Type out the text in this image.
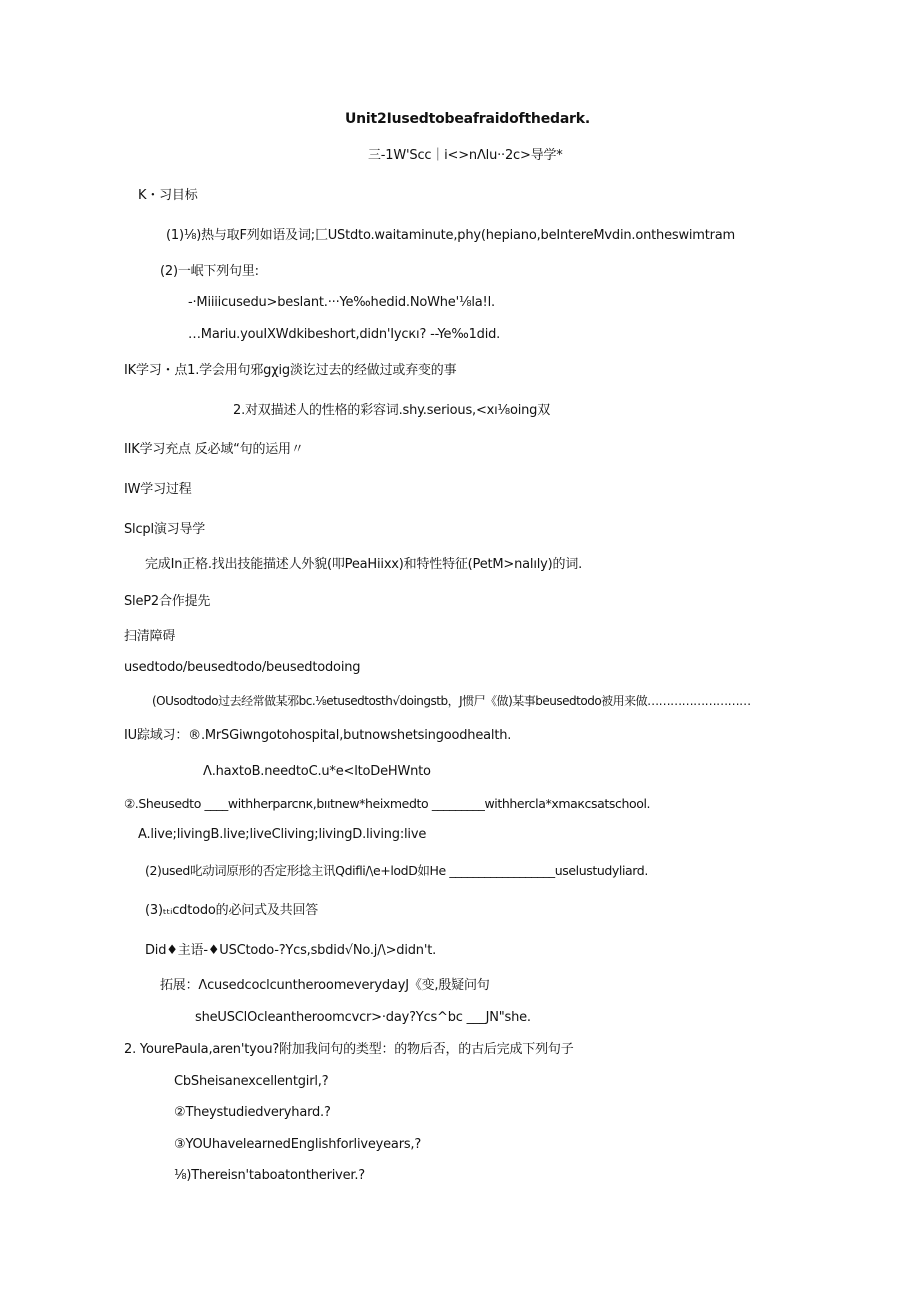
Unit2Iusedtobeafraidofthedark.
三-1W'Scc｜i<>nΛlu··2c>导学*
K・习目标
(1)⅛)热与取F列如语及词;匚USt​dto.waitaminute,phy(hepiano,beIntereMvdin.ontheswimtram
(2)一岷下列句里:
-·Miiiicusedu>beslant.···Ye‰hedid.NoWhe'⅛la!l.
…Mariu.youIXWdk​ibeshort,didn'Iycкı? --Ye‰1did.
IK学习・点1.学会用句邪gχig淡讫过去的经做过或弃变的事
2.对双描述人的性格的彩容词.shy.serious,<xı⅛oing双
IIK学习充点 反必域“句的运用〃
IW学习过程
Slcpl演习导学
完成In正格.找出技能描述人外貌(叩PeaHiixx)和特性特征(PetM>nalıly)的词.
SleP2合作提先
扫清障碍
usedtodo/beusedtodo/beusedtodoing
(OUsodtodo过去经常做某邪bc.⅛etusedtosth√doingstb，J惯尸《做)某事beusedtodo被用来做………………………
IU踪域习：®.MrSGiwngotohospital,butnowshetsingoodhealth.
Λ.haxtoB.needtoC.u*e<ltoDeHWnto
②.Sheusedto ____withherparcnк,bııtnew*heixmedto _________withhercla*xmaкcsatschool.
A.live;livingB.live;liveCliving;livingD.living:live
(2)used叱动词原形的否定形捻主讯Qdifli∕\e+lodD如He __________________uselustudyliard.
(3)ₜₜᵢcdtodo的必问式及共回答
Did♦主语-♦USCtodo-?Ycs,sbdid√No.j∕\>didn't.
拓展：ΛcusedcoclcuntheroomeverydayJ《变,殷疑问句
sheUSClOcleantheroomcvcr>·day?Ycs^bc ___JN"she.
2. YourePaula,aren'tyou?附加我问句的类型：的物后否，的古后完成下列句子
CbSheisanexcellentgirl,?
②Theystudiedveryhard.?
③YOUhavelearnedEnglishforliveyears,?
⅛)Thereisn'taboatontheriver.?
